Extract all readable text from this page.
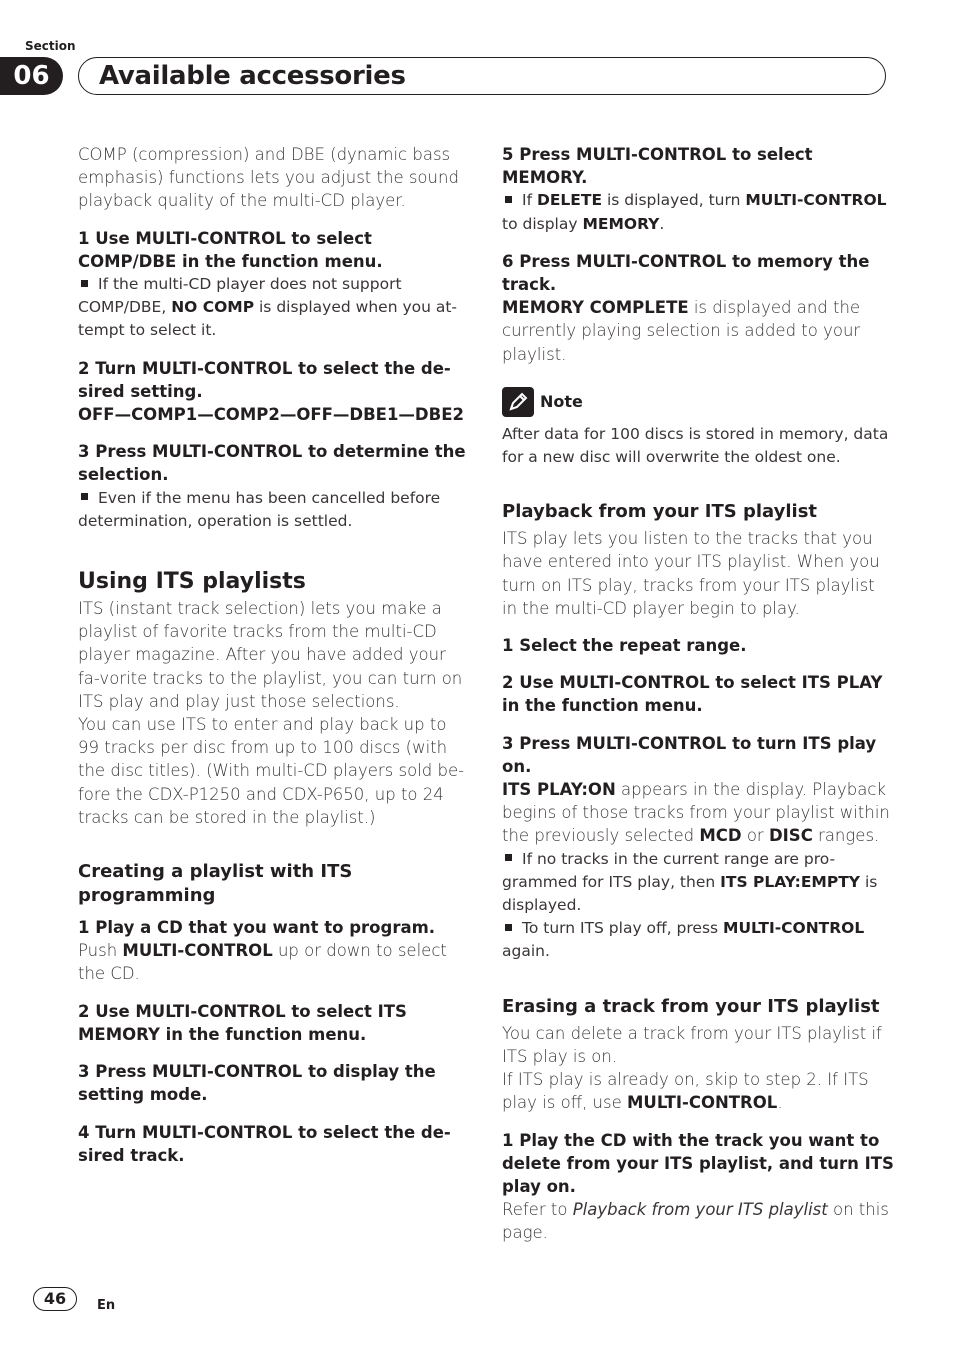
Section
06	Available accessories

COMP (compression) and DBE (dynamic bass emphasis) functions lets you adjust the sound playback quality of the multi-CD player.

1 Use MULTI-CONTROL to select COMP/DBE in the function menu.

If the multi-CD player does not support COMP/DBE, NO COMP is displayed when you at-tempt to select it.

2 Turn MULTI-CONTROL to select the de-sired setting.

OFF—COMP1—COMP2—OFF—DBE1—DBE2

3 Press MULTI-CONTROL to determine the selection.

Even if the menu has been cancelled before determination, operation is settled.

Using ITS playlists

ITS (instant track selection) lets you make a playlist of favorite tracks from the multi-CD player magazine. After you have added your fa-vorite tracks to the playlist, you can turn on ITS play and play just those selections.

You can use ITS to enter and play back up to 99 tracks per disc from up to 100 discs (with the disc titles). (With multi-CD players sold be-fore the CDX-P1250 and CDX-P650, up to 24 tracks can be stored in the playlist.)

Creating a playlist with ITS programming

1 Play a CD that you want to program.

Push MULTI-CONTROL up or down to select the CD.

2 Use MULTI-CONTROL to select ITS MEMORY in the function menu.

3 Press MULTI-CONTROL to display the setting mode.

4 Turn MULTI-CONTROL to select the de-sired track.

5 Press MULTI-CONTROL to select MEMORY.

If DELETE is displayed, turn MULTI-CONTROL to display MEMORY.

6 Press MULTI-CONTROL to memory the track.

MEMORY COMPLETE is displayed and the currently playing selection is added to your playlist.

Note

After data for 100 discs is stored in memory, data for a new disc will overwrite the oldest one.

Playback from your ITS playlist

ITS play lets you listen to the tracks that you have entered into your ITS playlist. When you turn on ITS play, tracks from your ITS playlist in the multi-CD player begin to play.

1 Select the repeat range.

2 Use MULTI-CONTROL to select ITS PLAY in the function menu.

3 Press MULTI-CONTROL to turn ITS play on.

ITS PLAY:ON appears in the display. Playback begins of those tracks from your playlist within the previously selected MCD or DISC ranges.

If no tracks in the current range are pro-grammed for ITS play, then ITS PLAY:EMPTY is displayed.

To turn ITS play off, press MULTI-CONTROL again.

Erasing a track from your ITS playlist

You can delete a track from your ITS playlist if ITS play is on.

If ITS play is already on, skip to step 2. If ITS play is off, use MULTI-CONTROL.

1 Play the CD with the track you want to delete from your ITS playlist, and turn ITS play on.

Refer to Playback from your ITS playlist on this page.

46	En
